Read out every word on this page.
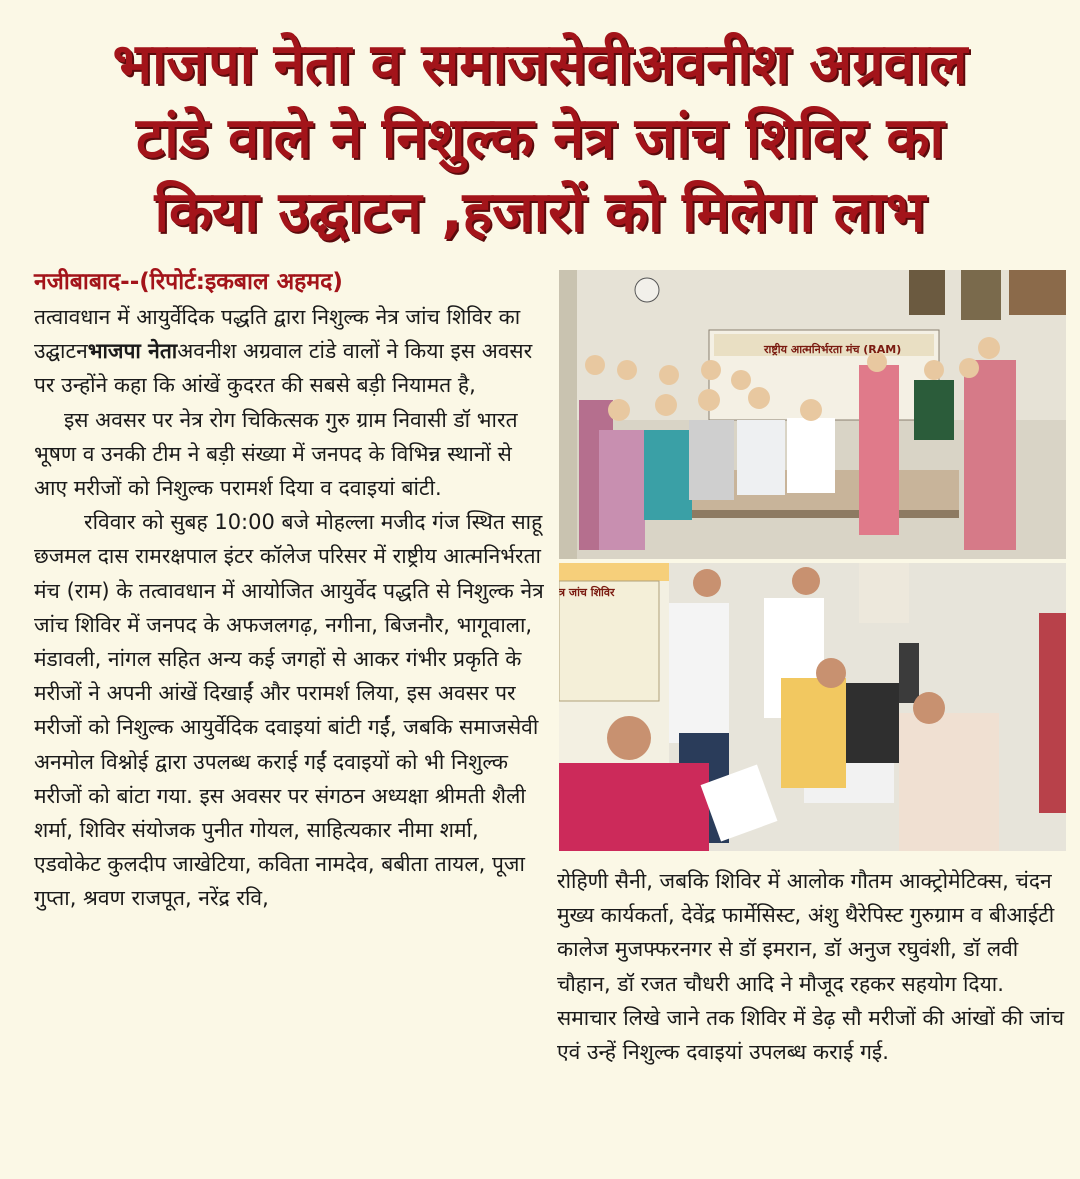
भाजपा नेता व समाजसेवीअवनीश अग्रवाल
टांडे वाले ने निशुल्क नेत्र जांच शिविर का
किया उद्घाटन ,हजारों को मिलेगा लाभ
नजीबाबाद--(रिपोर्ट:इकबाल अहमद)

तत्वावधान में आयुर्वेदिक पद्धति द्वारा निशुल्क नेत्र जांच शिविर का उद्घाटनभाजपा नेताअवनीश अग्रवाल टांडे वालों ने किया इस अवसर पर उन्होंने कहा कि आंखें कुदरत की सबसे बड़ी नियामत है,

इस अवसर पर नेत्र रोग चिकित्सक गुरु ग्राम निवासी डॉ भारत भूषण व उनकी टीम ने बड़ी संख्या में जनपद के विभिन्न स्थानों से आए मरीजों को निशुल्क परामर्श दिया व दवाइयां बांटी.

रविवार को सुबह 10:00 बजे मोहल्ला मजीद गंज स्थित साहू छजमल दास रामरक्षपाल इंटर कॉलेज परिसर में राष्ट्रीय आत्मनिर्भरता मंच (राम) के तत्वावधान में आयोजित आयुर्वेद पद्धति से निशुल्क नेत्र जांच शिविर में जनपद के अफजलगढ़, नगीना, बिजनौर, भागूवाला, मंडावली, नांगल सहित अन्य कई जगहों से आकर गंभीर प्रकृति के मरीजों ने अपनी आंखें दिखाईं और परामर्श लिया, इस अवसर पर मरीजों को निशुल्क आयुर्वेदिक दवाइयां बांटी गईं, जबकि समाजसेवी अनमोल विश्नोई द्वारा उपलब्ध कराई गईं दवाइयों को भी निशुल्क मरीजों को बांटा गया. इस अवसर पर संगठन अध्यक्षा श्रीमती शैली शर्मा, शिविर संयोजक पुनीत गोयल, साहित्यकार नीमा शर्मा, एडवोकेट कुलदीप जाखेटिया, कविता नामदेव, बबीता तायल, पूजा गुप्ता, श्रवण राजपूत, नरेंद्र रवि,

राष्ट्रीय आत्मनिर्भरता मंच (RAM)
त्र जांच शिविर

रोहिणी सैनी, जबकि शिविर में आलोक गौतम आक्ट्रोमेटिक्स, चंदन मुख्य कार्यकर्ता, देवेंद्र फार्मेसिस्ट, अंशु थैरेपिस्ट गुरुग्राम व बीआईटी कालेज मुजफ्फरनगर से डॉ इमरान, डॉ अनुज रघुवंशी, डॉ लवी चौहान, डॉ रजत चौधरी आदि ने मौजूद रहकर सहयोग दिया. समाचार लिखे जाने तक शिविर में डेढ़ सौ मरीजों की आंखों की जांच एवं उन्हें निशुल्क दवाइयां उपलब्ध कराई गई.
